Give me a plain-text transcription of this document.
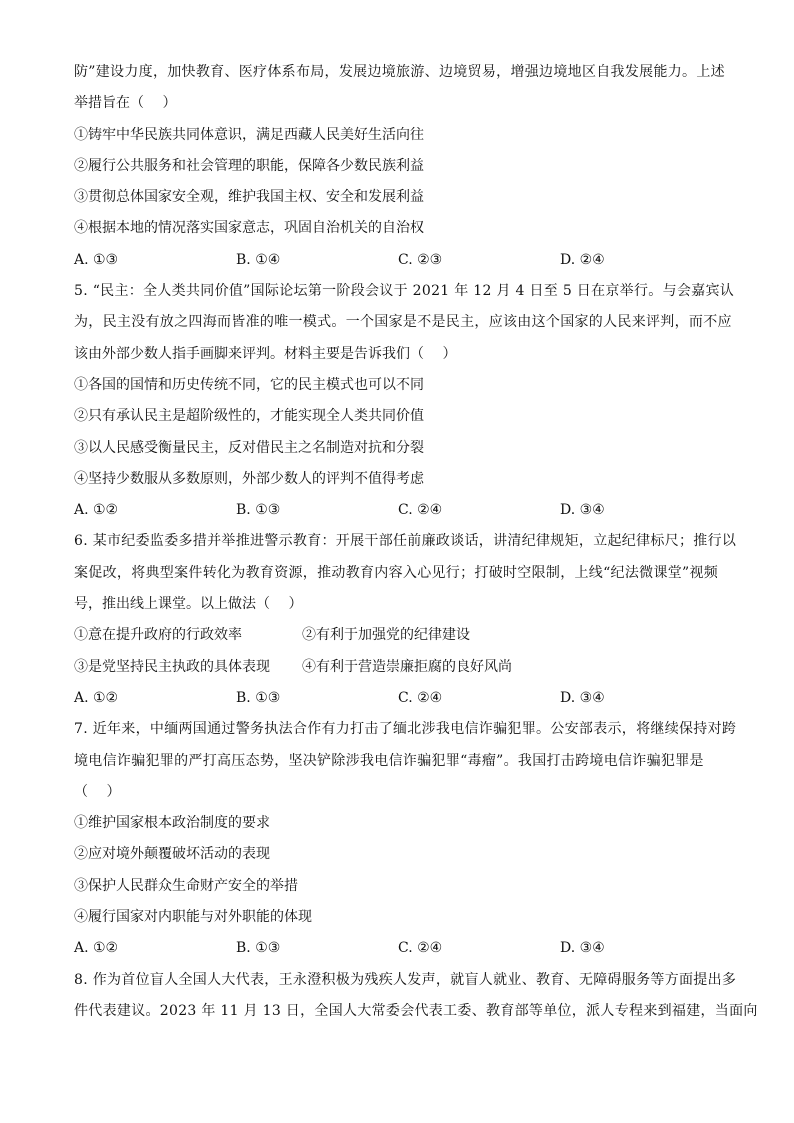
防”建设力度，加快教育、医疗体系布局，发展边境旅游、边境贸易，增强边境地区自我发展能力。上述
举措旨在（　 ）
①铸牢中华民族共同体意识，满足西藏人民美好生活向往
②履行公共服务和社会管理的职能，保障各少数民族利益
③贯彻总体国家安全观，维护我国主权、安全和发展利益
④根据本地的情况落实国家意志，巩固自治机关的自治权
A. ①③	B. ①④	C. ②③	D. ②④
5. “民主：全人类共同价值”国际论坛第一阶段会议于 2021 年 12 月 4 日至 5 日在京举行。与会嘉宾认
为，民主没有放之四海而皆准的唯一模式。一个国家是不是民主，应该由这个国家的人民来评判，而不应
该由外部少数人指手画脚来评判。材料主要是告诉我们（　 ）
①各国的国情和历史传统不同，它的民主模式也可以不同
②只有承认民主是超阶级性的，才能实现全人类共同价值
③以人民感受衡量民主，反对借民主之名制造对抗和分裂
④坚持少数服从多数原则，外部少数人的评判不值得考虑
A. ①②	B. ①③	C. ②④	D. ③④
6. 某市纪委监委多措并举推进警示教育：开展干部任前廉政谈话，讲清纪律规矩，立起纪律标尺；推行以
案促改，将典型案件转化为教育资源，推动教育内容入心见行；打破时空限制，上线“纪法微课堂”视频
号，推出线上课堂。以上做法（　 ）
①意在提升政府的行政效率	②有利于加强党的纪律建设
③是党坚持民主执政的具体表现	④有利于营造崇廉拒腐的良好风尚
A. ①②	B. ①③	C. ②④	D. ③④
7. 近年来，中缅两国通过警务执法合作有力打击了缅北涉我电信诈骗犯罪。公安部表示，将继续保持对跨
境电信诈骗犯罪的严打高压态势，坚决铲除涉我电信诈骗犯罪“毒瘤”。我国打击跨境电信诈骗犯罪是
（　 ）
①维护国家根本政治制度的要求
②应对境外颠覆破坏活动的表现
③保护人民群众生命财产安全的举措
④履行国家对内职能与对外职能的体现
A. ①②	B. ①③	C. ②④	D. ③④
8. 作为首位盲人全国人大代表，王永澄积极为残疾人发声，就盲人就业、教育、无障碍服务等方面提出多
件代表建议。2023 年 11 月 13 日，全国人大常委会代表工委、教育部等单位，派人专程来到福建，当面向
